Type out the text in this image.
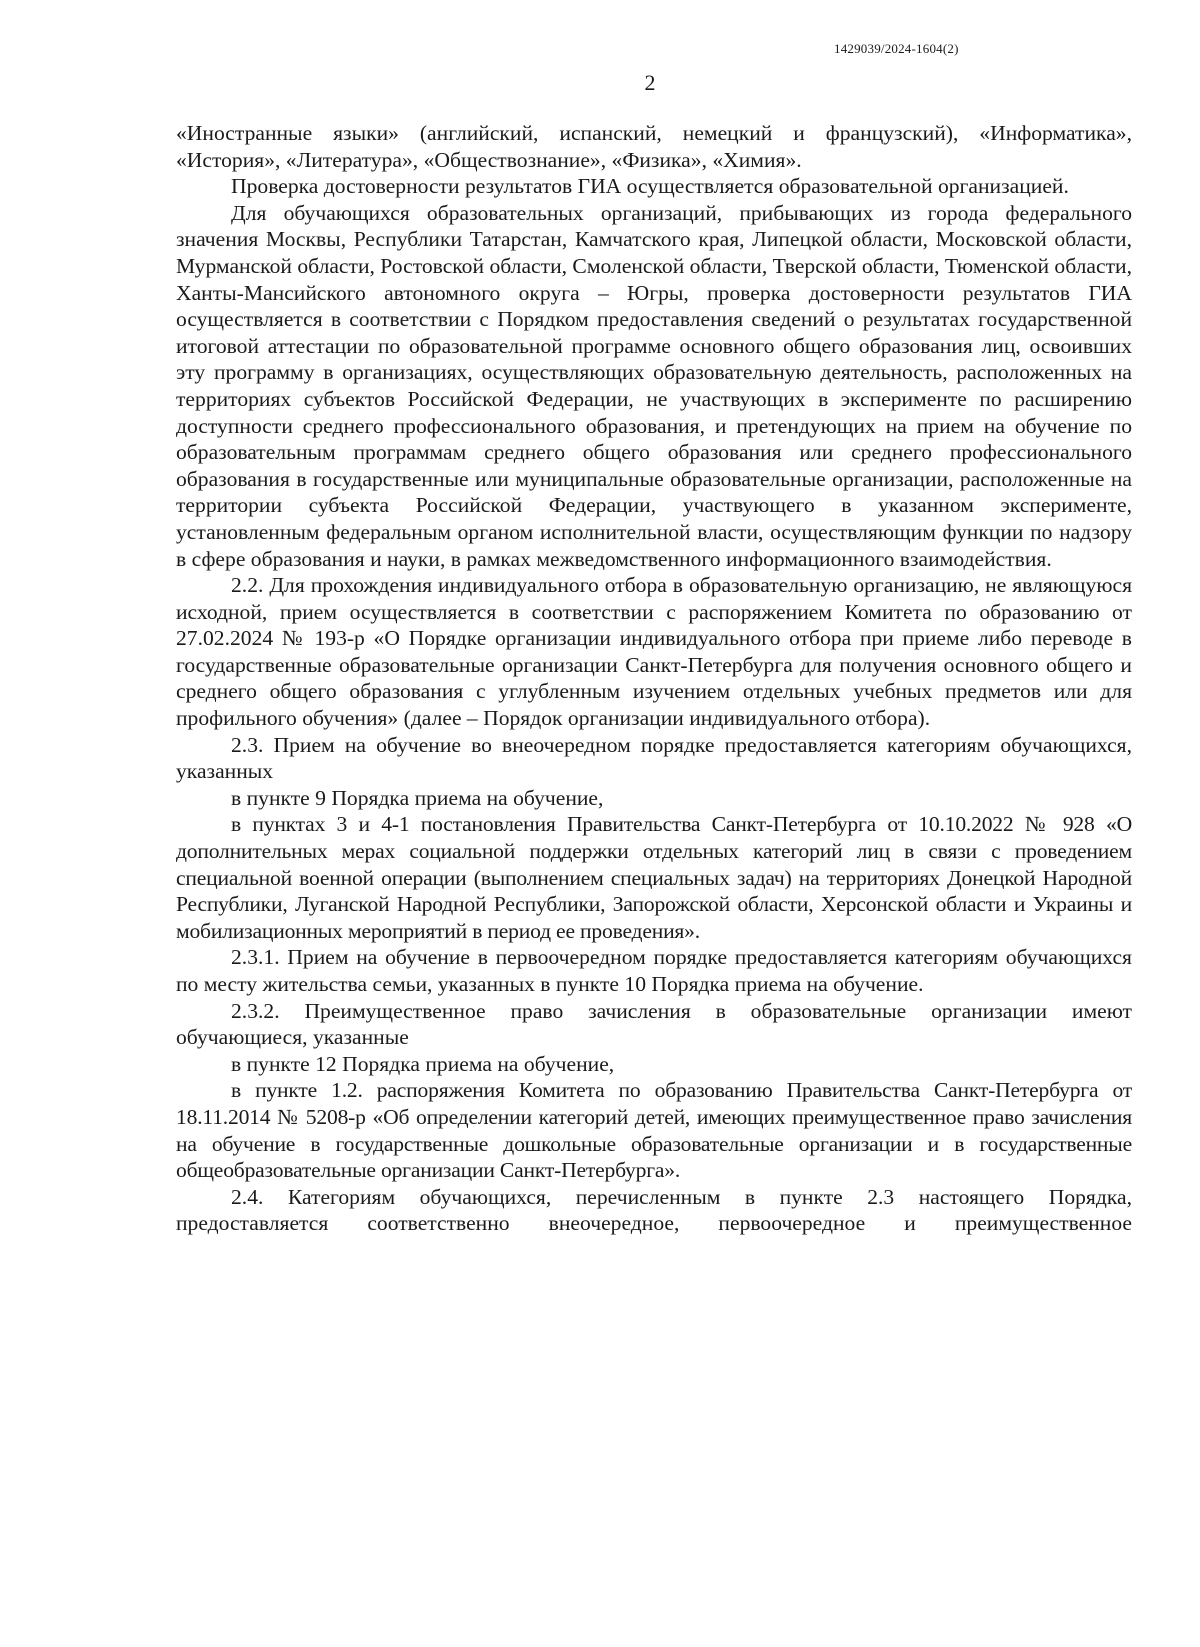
1429039/2024-1604(2)
2

«Иностранные языки» (английский, испанский, немецкий и французский), «Информатика», «История», «Литература», «Обществознание», «Физика», «Химия».

Проверка достоверности результатов ГИА осуществляется образовательной организацией.

Для обучающихся образовательных организаций, прибывающих из города федерального значения Москвы, Республики Татарстан, Камчатского края, Липецкой области, Московской области, Мурманской области, Ростовской области, Смоленской области, Тверской области, Тюменской области, Ханты-Мансийского автономного округа – Югры, проверка достоверности результатов ГИА осуществляется в соответствии с Порядком предоставления сведений о результатах государственной итоговой аттестации по образовательной программе основного общего образования лиц, освоивших эту программу в организациях, осуществляющих образовательную деятельность, расположенных на территориях субъектов Российской Федерации, не участвующих в эксперименте по расширению доступности среднего профессионального образования, и претендующих на прием на обучение по образовательным программам среднего общего образования или среднего профессионального образования в государственные или муниципальные образовательные организации, расположенные на территории субъекта Российской Федерации, участвующего в указанном эксперименте, установленным федеральным органом исполнительной власти, осуществляющим функции по надзору в сфере образования и науки, в рамках межведомственного информационного взаимодействия.

2.2. Для прохождения индивидуального отбора в образовательную организацию, не являющуюся исходной, прием осуществляется в соответствии с распоряжением Комитета по образованию от 27.02.2024 № 193-р «О Порядке организации индивидуального отбора при приеме либо переводе в государственные образовательные организации Санкт-Петербурга для получения основного общего и среднего общего образования с углубленным изучением отдельных учебных предметов или для профильного обучения» (далее – Порядок организации индивидуального отбора).

2.3. Прием на обучение во внеочередном порядке предоставляется категориям обучающихся, указанных

в пункте 9 Порядка приема на обучение,

в пунктах 3 и 4-1 постановления Правительства Санкт-Петербурга от 10.10.2022 № 928 «О дополнительных мерах социальной поддержки отдельных категорий лиц в связи с проведением специальной военной операции (выполнением специальных задач) на территориях Донецкой Народной Республики, Луганской Народной Республики, Запорожской области, Херсонской области и Украины и мобилизационных мероприятий в период ее проведения».

2.3.1. Прием на обучение в первоочередном порядке предоставляется категориям обучающихся по месту жительства семьи, указанных в пункте 10 Порядка приема на обучение.

2.3.2. Преимущественное право зачисления в образовательные организации имеют обучающиеся, указанные

в пункте 12 Порядка приема на обучение,

в пункте 1.2. распоряжения Комитета по образованию Правительства Санкт-Петербурга от 18.11.2014 № 5208-р «Об определении категорий детей, имеющих преимущественное право зачисления на обучение в государственные дошкольные образовательные организации и в государственные общеобразовательные организации Санкт-Петербурга».

2.4. Категориям обучающихся, перечисленным в пункте 2.3 настоящего Порядка, предоставляется соответственно внеочередное, первоочередное и преимущественное
